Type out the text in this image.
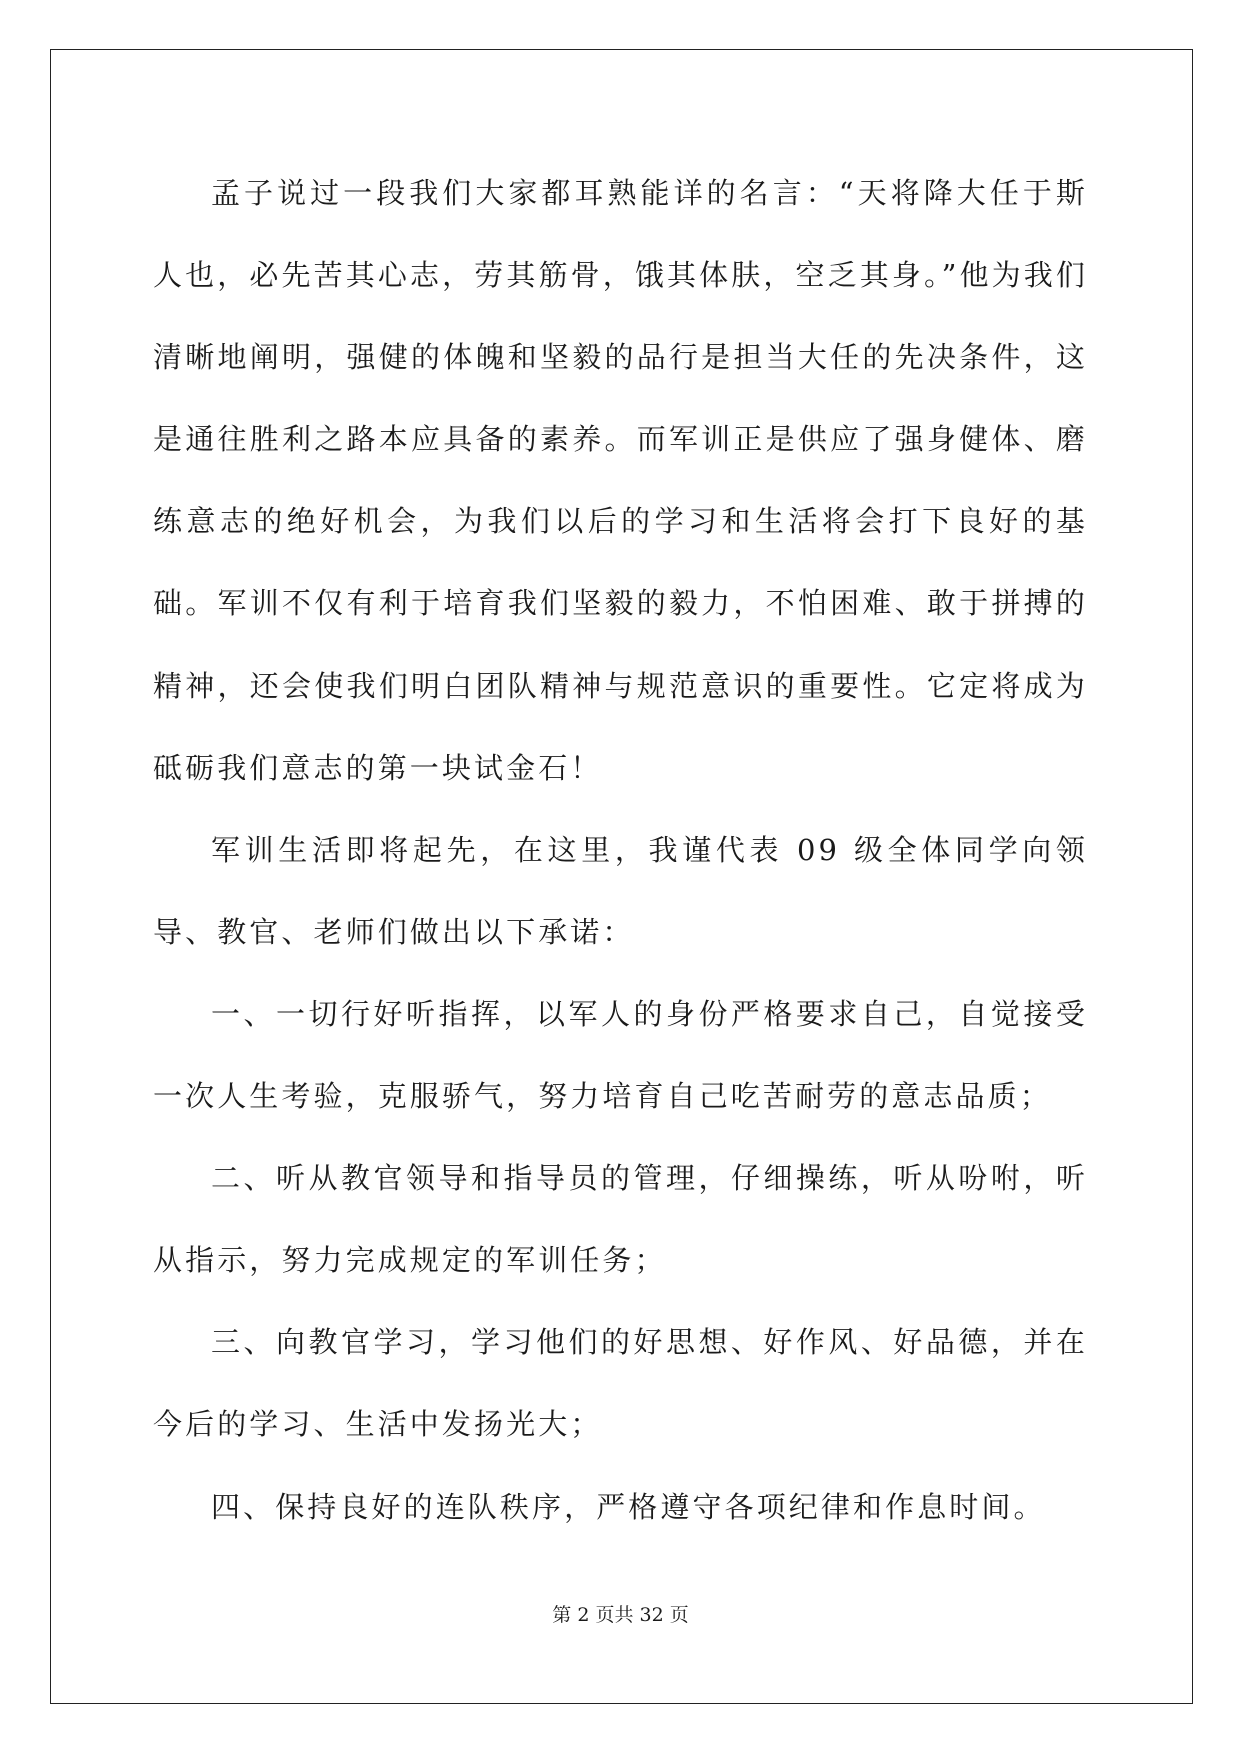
孟子说过一段我们大家都耳熟能详的名言：“天将降大任于斯人也，必先苦其心志，劳其筋骨，饿其体肤，空乏其身。”他为我们清晰地阐明，强健的体魄和坚毅的品行是担当大任的先决条件，这是通往胜利之路本应具备的素养。而军训正是供应了强身健体、磨练意志的绝好机会，为我们以后的学习和生活将会打下良好的基础。军训不仅有利于培育我们坚毅的毅力，不怕困难、敢于拼搏的精神，还会使我们明白团队精神与规范意识的重要性。它定将成为砥砺我们意志的第一块试金石！

军训生活即将起先，在这里，我谨代表 09 级全体同学向领导、教官、老师们做出以下承诺：

一、一切行好听指挥，以军人的身份严格要求自己，自觉接受一次人生考验，克服骄气，努力培育自己吃苦耐劳的意志品质；

二、听从教官领导和指导员的管理，仔细操练，听从吩咐，听从指示，努力完成规定的军训任务；

三、向教官学习，学习他们的好思想、好作风、好品德，并在今后的学习、生活中发扬光大；

四、保持良好的连队秩序，严格遵守各项纪律和作息时间。

第 2 页共 32 页
